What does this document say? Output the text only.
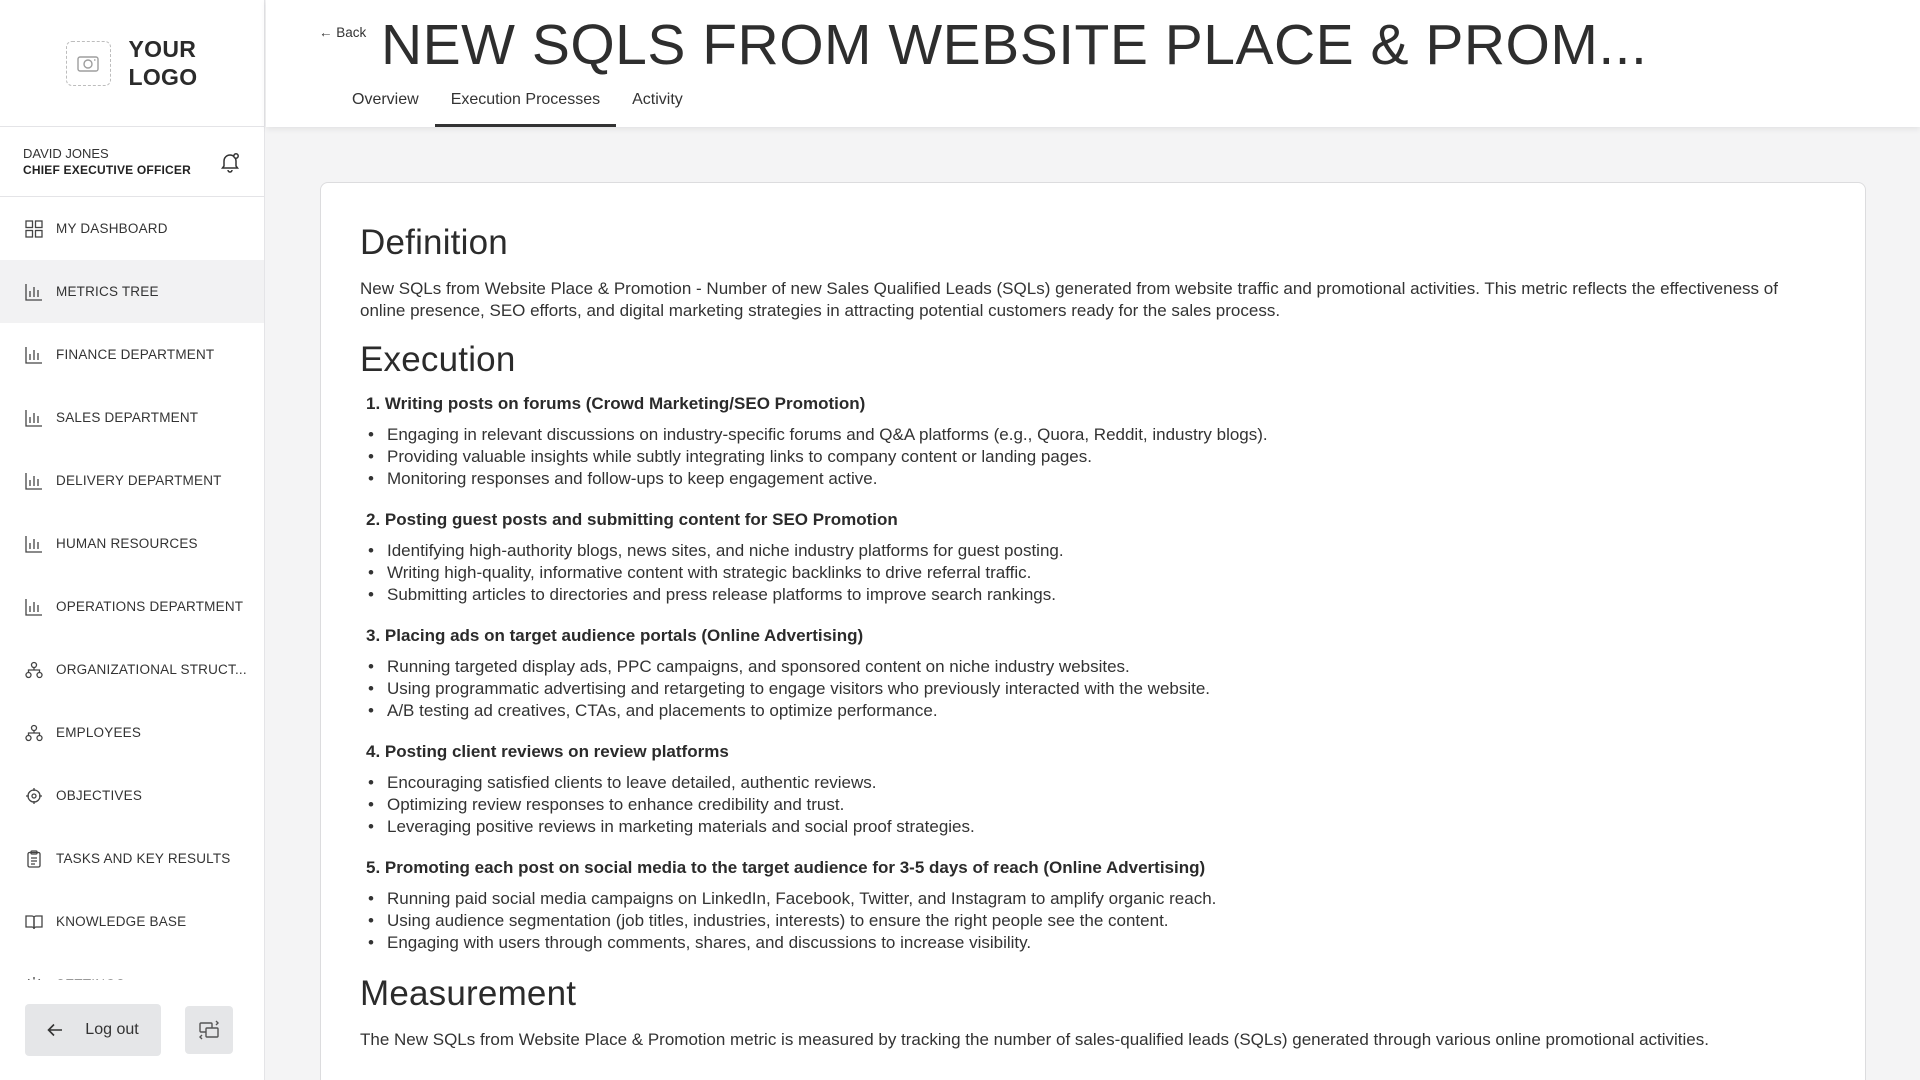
YOUR LOGO
DAVID JONES
CHIEF EXECUTIVE OFFICER
MY DASHBOARD
METRICS TREE
FINANCE DEPARTMENT
SALES DEPARTMENT
DELIVERY DEPARTMENT
HUMAN RESOURCES
OPERATIONS DEPARTMENT
ORGANIZATIONAL STRUCT...
EMPLOYEES
OBJECTIVES
TASKS AND KEY RESULTS
KNOWLEDGE BASE
Log out
← Back NEW SQLS FROM WEBSITE PLACE & PROM...
Overview	Execution Processes	Activity
Definition

New SQLs from Website Place & Promotion - Number of new Sales Qualified Leads (SQLs) generated from website traffic and promotional activities. This metric reflects the effectiveness of online presence, SEO efforts, and digital marketing strategies in attracting potential customers ready for the sales process.

Execution
1. Writing posts on forums (Crowd Marketing/SEO Promotion)
• Engaging in relevant discussions on industry-specific forums and Q&A platforms (e.g., Quora, Reddit, industry blogs).
• Providing valuable insights while subtly integrating links to company content or landing pages.
• Monitoring responses and follow-ups to keep engagement active.
2. Posting guest posts and submitting content for SEO Promotion
• Identifying high-authority blogs, news sites, and niche industry platforms for guest posting.
• Writing high-quality, informative content with strategic backlinks to drive referral traffic.
• Submitting articles to directories and press release platforms to improve search rankings.
3. Placing ads on target audience portals (Online Advertising)
• Running targeted display ads, PPC campaigns, and sponsored content on niche industry websites.
• Using programmatic advertising and retargeting to engage visitors who previously interacted with the website.
• A/B testing ad creatives, CTAs, and placements to optimize performance.
4. Posting client reviews on review platforms
• Encouraging satisfied clients to leave detailed, authentic reviews.
• Optimizing review responses to enhance credibility and trust.
• Leveraging positive reviews in marketing materials and social proof strategies.
5. Promoting each post on social media to the target audience for 3-5 days of reach (Online Advertising)
• Running paid social media campaigns on LinkedIn, Facebook, Twitter, and Instagram to amplify organic reach.
• Using audience segmentation (job titles, industries, interests) to ensure the right people see the content.
• Engaging with users through comments, shares, and discussions to increase visibility.
Measurement

The New SQLs from Website Place & Promotion metric is measured by tracking the number of sales-qualified leads (SQLs) generated through various online promotional activities.
